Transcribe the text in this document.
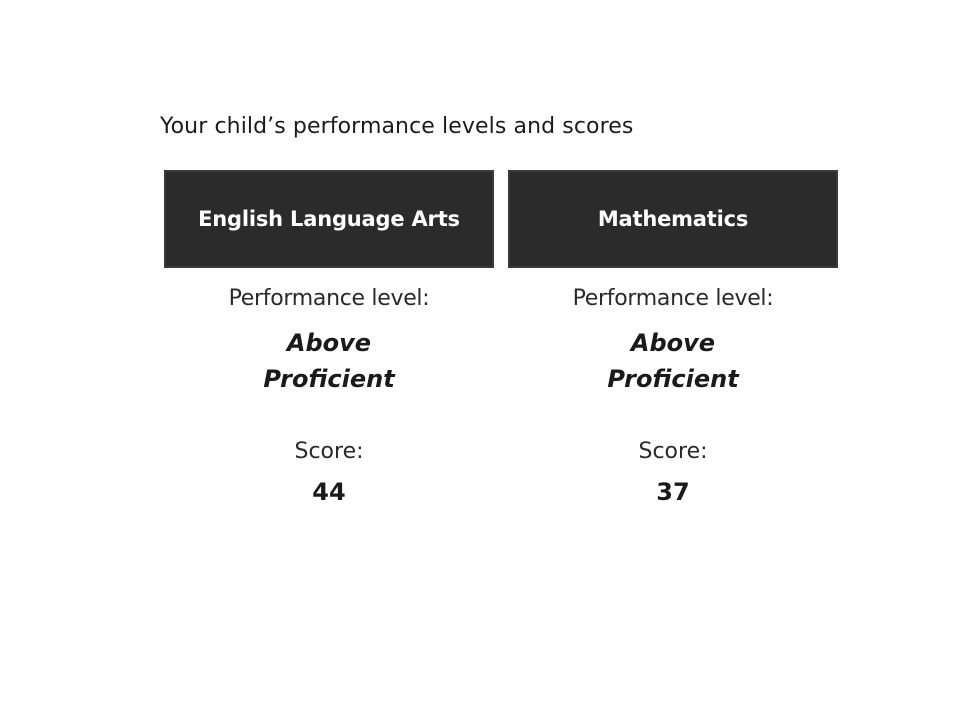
Your child’s performance levels and scores
English Language Arts
Performance level:
Above
Proficient
Score:
44
Mathematics
Performance level:
Above
Proficient
Score:
37
